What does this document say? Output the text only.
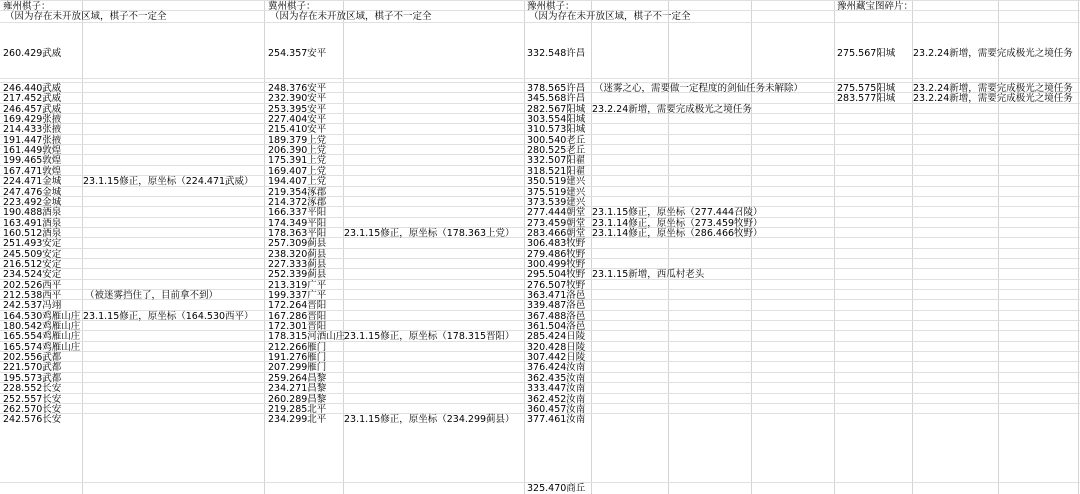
雍州棋子：
（因为存在未开放区域，棋子不一定全
260.429武威
246.440武威
217.452武威
246.457武威
169.429张掖
214.433张掖
191.447张掖
161.449敦煌
199.465敦煌
167.471敦煌
224.471金城
247.476金城
223.492金城
190.488酒泉
163.491酒泉
160.512酒泉
251.493安定
245.509安定
216.512安定
234.524安定
202.526西平
212.538西平
242.537冯翊
164.530鸡雁山庄
180.542鸡雁山庄
165.554鸡雁山庄
165.574鸡雁山庄
202.556武都
221.570武都
195.573武都
228.552长安
252.557长安
262.570长安
242.576长安
23.1.15修正，原坐标（224.471武威）
（被迷雾挡住了，目前拿不到）
23.1.15修正，原坐标（164.530西平）
冀州棋子：
（因为存在未开放区域，棋子不一定全
254.357安平
248.376安平
232.390安平
253.395安平
227.404安平
215.410安平
189.379上党
206.390上党
175.391上党
169.407上党
194.407上党
219.354涿郡
214.372涿郡
166.337平阳
174.349平阳
178.363平阳
257.309蓟县
238.320蓟县
227.333蓟县
252.339蓟县
213.319广平
199.337广平
172.264晋阳
167.286晋阳
172.301晋阳
178.315河酒山庄
212.266雁门
191.276雁门
207.299雁门
259.264昌黎
234.271昌黎
260.289昌黎
219.285北平
234.299北平
23.1.15修正，原坐标（178.363上党）
23.1.15修正，原坐标（178.315晋阳）
23.1.15修正，原坐标（234.299蓟县）
豫州棋子：
（因为存在未开放区域，棋子不一定全
332.548许昌
378.565许昌
345.568许昌
282.567阳城
303.554阳城
310.573阳城
300.540老丘
280.525老丘
332.507阳翟
318.521阳翟
350.519建兴
375.519建兴
373.539建兴
277.444朝堂
273.459朝堂
283.466朝堂
306.483牧野
279.486牧野
300.499牧野
295.504牧野
276.507牧野
363.471洛邑
339.487洛邑
367.488洛邑
361.504洛邑
285.424日陵
320.428日陵
307.442日陵
376.424汝南
362.435汝南
333.447汝南
362.452汝南
360.457汝南
377.461汝南
325.470商丘
（迷雾之心，需要做一定程度的剑仙任务未解除）
23.2.24新增，需要完成极光之境任务
23.1.15修正，原坐标（277.444召陵）
23.1.14修正，原坐标（273.459牧野）
23.1.14修正，原坐标（286.466牧野）
23.1.15新增，西瓜村老头
豫州藏宝图碎片：
275.567阳城
275.575阳城
283.577阳城
23.2.24新增，需要完成极光之境任务
23.2.24新增，需要完成极光之境任务
23.2.24新增，需要完成极光之境任务
